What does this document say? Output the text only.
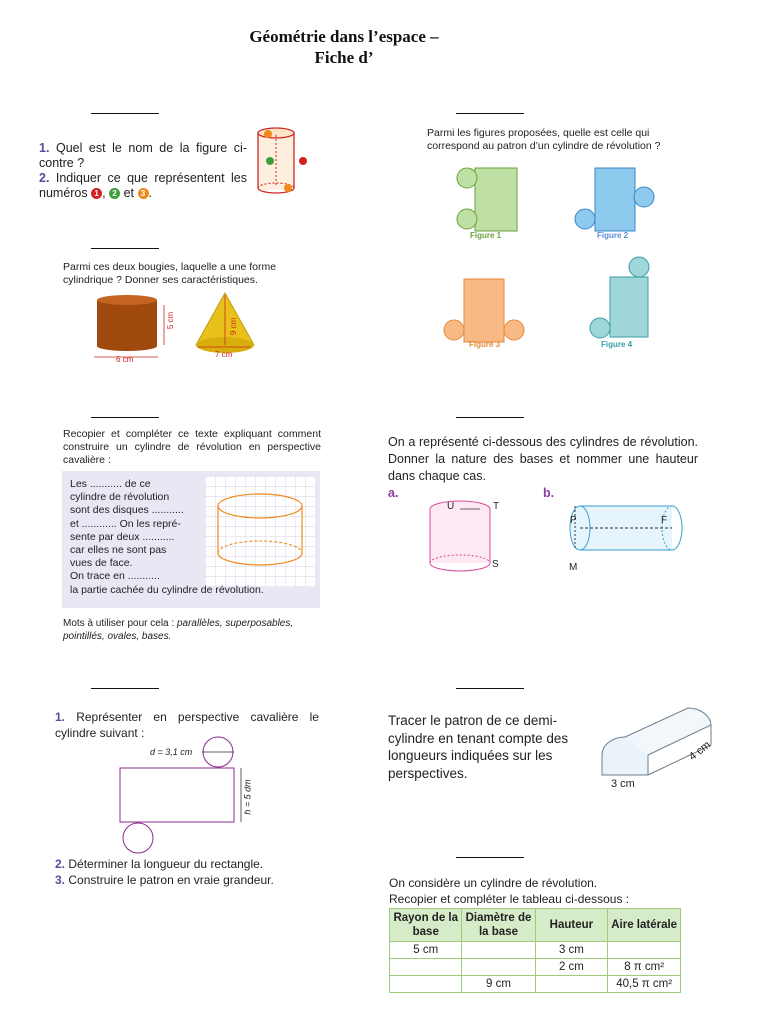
Géométrie dans l’espace –
Fiche d’
1. Quel est le nom de la figure ci-contre ?
2. Indiquer ce que représentent les numéros 1 , 2 et 3 .
Parmi les figures proposées, quelle est celle qui correspond au patron d’un cylindre de révolution ?
Figure 1	Figure 2
Figure 3	Figure 4
Parmi ces deux bougies, laquelle a une forme cylindrique ? Donner ses caractéristiques.
6 cm
5 cm	9 cm
7 cm
Recopier et compléter ce texte expliquant comment construire un cylindre de révolution en perspective cavalière :
Les ........... de ce
cylindre de révolution
sont des disques ...........
et ............ On les repré-
sente par deux ...........
car elles ne sont pas
vues de face.
On trace en ...........
la partie cachée du cylindre de révolution.
Mots à utiliser pour cela : parallèles, superposables, pointillés, ovales, bases.
On a représenté ci-dessous des cylindres de révolution. Donner la nature des bases et nommer une hauteur dans chaque cas.
a.	b.
U	T
S
P	F
M
1. Représenter en perspective cavalière le cylindre suivant :
d = 3,1 cm
h = 5 dm
2. Déterminer la longueur du rectangle.
3. Construire le patron en vraie grandeur.
Tracer le patron de ce demi-cylindre en tenant compte des longueurs indiquées sur les perspectives.
3 cm
4 cm
On considère un cylindre de révolution.
Recopier et compléter le tableau ci-dessous :
Rayon de la base	Diamètre de la base	Hauteur	Aire latérale
5 cm		3 cm	
		2 cm	8 π cm²
	9 cm		40,5 π cm²
